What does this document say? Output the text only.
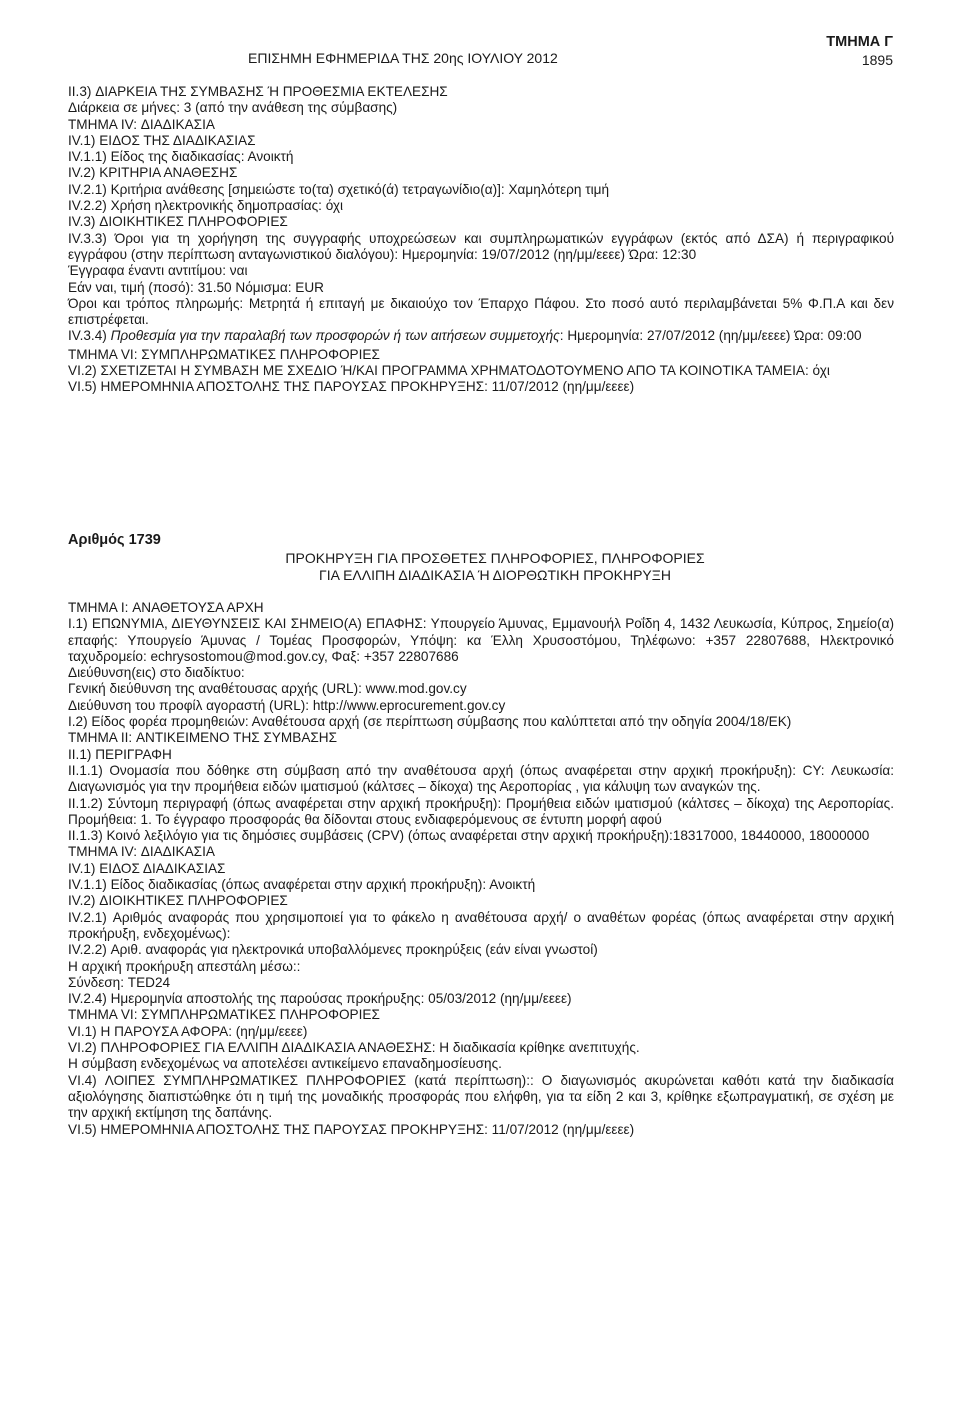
ΕΠΙΣΗΜΗ ΕΦΗΜΕΡΙΔΑ ΤΗΣ 20ης ΙΟΥΛΙΟΥ 2012
ΤΜΗΜΑ Γ
1895

II.3) ΔΙΑΡΚΕΙΑ ΤΗΣ ΣΥΜΒΑΣΗΣ Ή ΠΡΟΘΕΣΜΙΑ ΕΚΤΕΛΕΣΗΣ

Διάρκεια σε μήνες: 3 (από την ανάθεση της σύμβασης)

ΤΜΗΜΑ IV: ΔΙΑΔΙΚΑΣΙΑ

IV.1) ΕΙΔΟΣ ΤΗΣ ΔΙΑΔΙΚΑΣΙΑΣ

IV.1.1) Είδος της διαδικασίας: Ανοικτή

IV.2) ΚΡΙΤΗΡΙΑ ΑΝΑΘΕΣΗΣ

IV.2.1) Κριτήρια ανάθεσης [σημειώστε το(τα) σχετικό(ά) τετραγωνίδιο(α)]: Χαμηλότερη τιμή

IV.2.2) Χρήση ηλεκτρονικής δημοπρασίας: όχι

IV.3) ΔΙΟΙΚΗΤΙΚΕΣ ΠΛΗΡΟΦΟΡΙΕΣ

IV.3.3) Όροι για τη χορήγηση της συγγραφής υποχρεώσεων και συμπληρωματικών εγγράφων (εκτός από ΔΣΑ) ή περιγραφικού εγγράφου (στην περίπτωση ανταγωνιστικού διαλόγου): Ημερομηνία: 19/07/2012 (ηη/μμ/εεεε) Ώρα: 12:30

Έγγραφα έναντι αντιτίμου: ναι

Εάν ναι, τιμή (ποσό): 31.50 Νόμισμα: EUR

Όροι και τρόπος πληρωμής: Μετρητά ή επιταγή με δικαιούχο τον Έπαρχο Πάφου. Στο ποσό αυτό περιλαμβάνεται 5% Φ.Π.Α και δεν επιστρέφεται.

IV.3.4) Προθεσμία για την παραλαβή των προσφορών ή των αιτήσεων συμμετοχής: Ημερομηνία: 27/07/2012 (ηη/μμ/εεεε) Ώρα: 09:00

ΤΜΗΜΑ VI: ΣΥΜΠΛΗΡΩΜΑΤΙΚΕΣ ΠΛΗΡΟΦΟΡΙΕΣ

VI.2) ΣΧΕΤΙΖΕΤΑΙ Η ΣΥΜΒΑΣΗ ΜΕ ΣΧΕΔΙΟ Ή/ΚΑΙ ΠΡΟΓΡΑΜΜΑ ΧΡΗΜΑΤΟΔΟΤΟΥΜΕΝΟ ΑΠΟ ΤΑ ΚΟΙΝΟΤΙΚΑ ΤΑΜΕΙΑ: όχι

VI.5) ΗΜΕΡΟΜΗΝΙΑ ΑΠΟΣΤΟΛΗΣ ΤΗΣ ΠΑΡΟΥΣΑΣ ΠΡΟΚΗΡΥΞΗΣ: 11/07/2012 (ηη/μμ/εεεε)

Αριθμός 1739

ΠΡΟΚΗΡΥΞΗ ΓΙΑ ΠΡΟΣΘΕΤΕΣ ΠΛΗΡΟΦΟΡΙΕΣ, ΠΛΗΡΟΦΟΡΙΕΣ

ΓΙΑ ΕΛΛΙΠΗ ΔΙΑΔΙΚΑΣΙΑ Ή ΔΙΟΡΘΩΤΙΚΗ ΠΡΟΚΗΡΥΞΗ

ΤΜΗΜΑ I: ΑΝΑΘΕΤΟΥΣΑ ΑΡΧΗ

I.1) ΕΠΩΝΥΜΙΑ, ΔΙΕΥΘΥΝΣΕΙΣ ΚΑΙ ΣΗΜΕΙΟ(Α) ΕΠΑΦΗΣ: Υπουργείο Άμυνας, Εμμανουήλ Ροΐδη 4, 1432 Λευκωσία, Κύπρος, Σημείο(α) επαφής: Υπουργείο Άμυνας / Τομέας Προσφορών, Υπόψη: κα Έλλη Χρυσοστόμου, Τηλέφωνο: +357 22807688, Ηλεκτρονικό ταχυδρομείο: echrysostomou@mod.gov.cy, Φαξ: +357 22807686

Διεύθυνση(εις) στο διαδίκτυο:

Γενική διεύθυνση της αναθέτουσας αρχής (URL): www.mod.gov.cy

Διεύθυνση του προφίλ αγοραστή (URL): http://www.eprocurement.gov.cy

I.2) Είδος φορέα προμηθειών: Αναθέτουσα αρχή (σε περίπτωση σύμβασης που καλύπτεται από την οδηγία 2004/18/ΕΚ)

ΤΜΗΜΑ II: ΑΝΤΙΚΕΙΜΕΝΟ ΤΗΣ ΣΥΜΒΑΣΗΣ

II.1) ΠΕΡΙΓΡΑΦΗ

II.1.1) Ονομασία που δόθηκε στη σύμβαση από την αναθέτουσα αρχή (όπως αναφέρεται στην αρχική προκήρυξη): CY: Λευκωσία: Διαγωνισμός για την προμήθεια ειδών ιματισμού (κάλτσες – δίκοχα) της Αεροπορίας , για κάλυψη των αναγκών της.

II.1.2) Σύντομη περιγραφή (όπως αναφέρεται στην αρχική προκήρυξη): Προμήθεια ειδών ιματισμού (κάλτσες – δίκοχα) της Αεροπορίας. Προμήθεια: 1. Το έγγραφο προσφοράς θα δίδονται στους ενδιαφερόμενους σε έντυπη μορφή αφού

II.1.3) Κοινό λεξιλόγιο για τις δημόσιες συμβάσεις (CPV) (όπως αναφέρεται στην αρχική προκήρυξη):18317000, 18440000, 18000000

ΤΜΗΜΑ IV: ΔΙΑΔΙΚΑΣΙΑ

IV.1) ΕΙΔΟΣ ΔΙΑΔΙΚΑΣΙΑΣ

IV.1.1) Είδος διαδικασίας (όπως αναφέρεται στην αρχική προκήρυξη): Ανοικτή

IV.2) ΔΙΟΙΚΗΤΙΚΕΣ ΠΛΗΡΟΦΟΡΙΕΣ

IV.2.1) Αριθμός αναφοράς που χρησιμοποιεί για το φάκελο η αναθέτουσα αρχή/ ο αναθέτων φορέας (όπως αναφέρεται στην αρχική προκήρυξη, ενδεχομένως):

IV.2.2) Αριθ. αναφοράς για ηλεκτρονικά υποβαλλόμενες προκηρύξεις (εάν είναι γνωστοί)

Η αρχική προκήρυξη απεστάλη μέσω::

Σύνδεση: TED24

IV.2.4) Ημερομηνία αποστολής της παρούσας προκήρυξης: 05/03/2012 (ηη/μμ/εεεε)

ΤΜΗΜΑ VI: ΣΥΜΠΛΗΡΩΜΑΤΙΚΕΣ ΠΛΗΡΟΦΟΡΙΕΣ

VI.1) Η ΠΑΡΟΥΣΑ ΑΦΟΡΑ: (ηη/μμ/εεεε)

VI.2) ΠΛΗΡΟΦΟΡΙΕΣ ΓΙΑ ΕΛΛΙΠΗ ΔΙΑΔΙΚΑΣΙΑ ΑΝΑΘΕΣΗΣ: Η διαδικασία κρίθηκε ανεπιτυχής.

Η σύμβαση ενδεχομένως να αποτελέσει αντικείμενο επαναδημοσίευσης.

VI.4) ΛΟΙΠΕΣ ΣΥΜΠΛΗΡΩΜΑΤΙΚΕΣ ΠΛΗΡΟΦΟΡΙΕΣ (κατά περίπτωση):: Ο διαγωνισμός ακυρώνεται καθότι κατά την διαδικασία αξιολόγησης διαπιστώθηκε ότι η τιμή της μοναδικής προσφοράς που ελήφθη, για τα είδη 2 και 3, κρίθηκε εξωπραγματική, σε σχέση με την αρχική εκτίμηση της δαπάνης.

VI.5) ΗΜΕΡΟΜΗΝΙΑ ΑΠΟΣΤΟΛΗΣ ΤΗΣ ΠΑΡΟΥΣΑΣ ΠΡΟΚΗΡΥΞΗΣ: 11/07/2012 (ηη/μμ/εεεε)
